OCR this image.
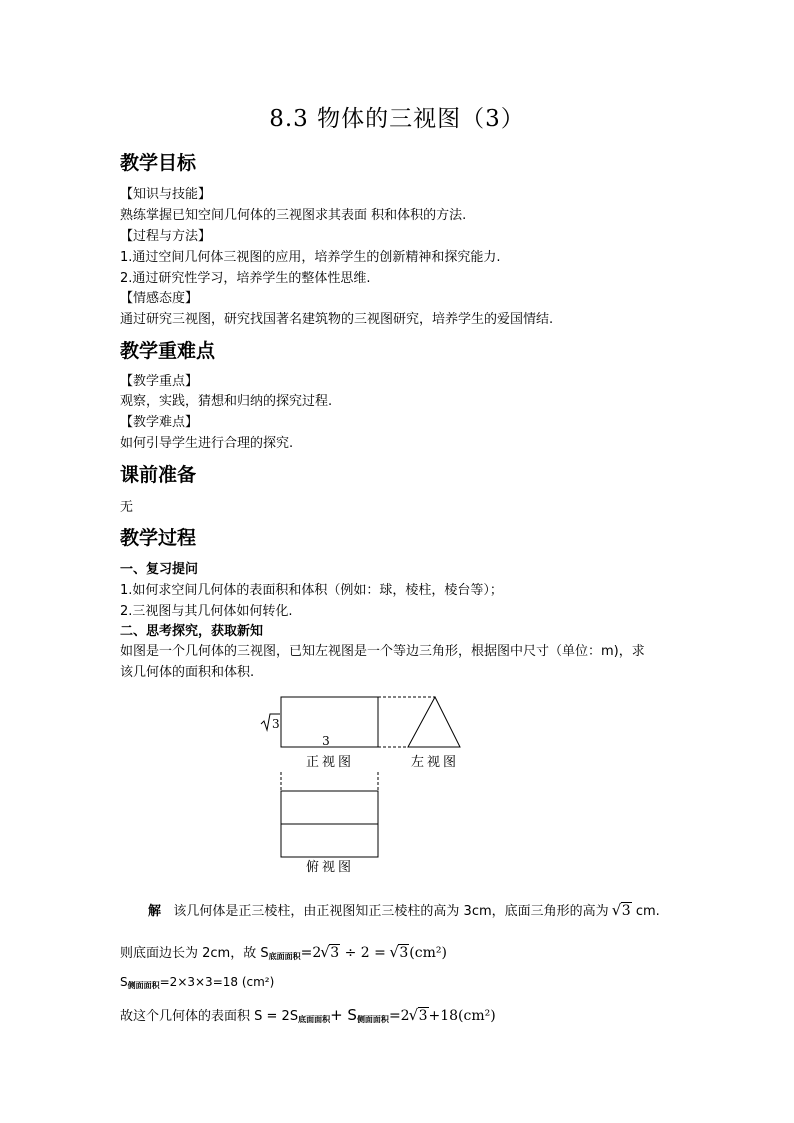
8.3 物体的三视图（3）
教学目标
【知识与技能】
熟练掌握已知空间几何体的三视图求其表面 积和体积的方法.
【过程与方法】
1.通过空间几何体三视图的应用，培养学生的创新精神和探究能力.
2.通过研究性学习，培养学生的整体性思维.
【情感态度】
通过研究三视图，研究找国著名建筑物的三视图研究，培养学生的爱国情结.
教学重难点
【教学重点】
观察，实践，猜想和归纳的探究过程.
【教学难点】
如何引导学生进行合理的探究.
课前准备
无
教学过程
一、复习提问
1.如何求空间几何体的表面积和体积（例如：球，棱柱，棱台等）；
2.三视图与其几何体如何转化.
二、思考探究，获取新知
如图是一个几何体的三视图，已知左视图是一个等边三角形，根据图中尺寸（单位：m)，求
该几何体的面积和体积.
3
3
正视图	左视图
俯视图
解 该几何体是正三棱柱，由正视图知正三棱柱的高为 3cm，底面三角形的高为 √ 3 cm.
则底面边长为 2cm，故 $S_{底面面积}=2√$ 3 ÷ 2 = √ 3(cm²)
$S_{侧面面积}=2\times 3\times 3=18$ (cm²)
故这个几何体的表面积 $S = 2S_{底面面积}+ S_{侧面面积}=2√$ 3+18(cm²)
